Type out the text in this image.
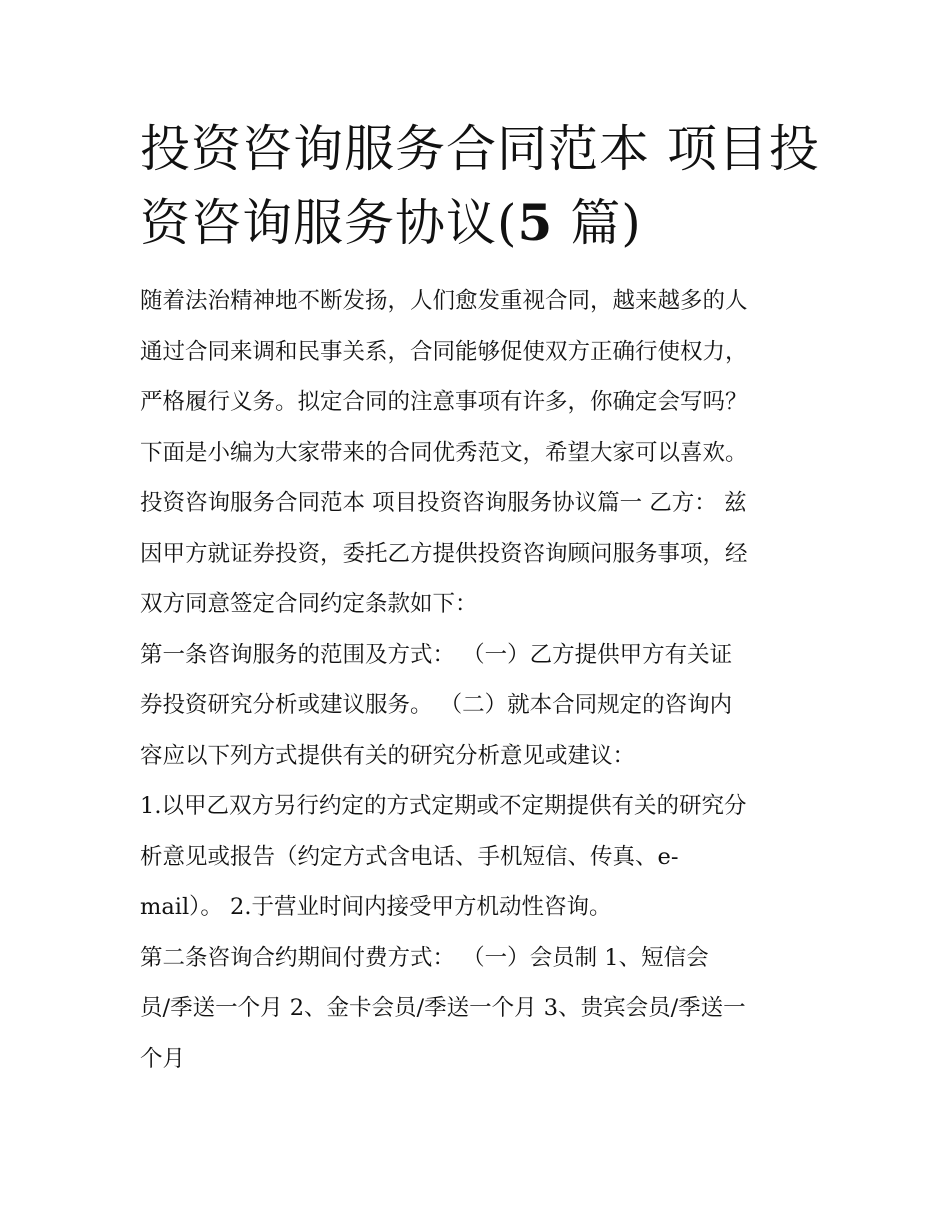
投资咨询服务合同范本 项目投
资咨询服务协议(5 篇)

随着法治精神地不断发扬，人们愈发重视合同，越来越多的人
通过合同来调和民事关系，合同能够促使双方正确行使权力，
严格履行义务。拟定合同的注意事项有许多，你确定会写吗？
下面是小编为大家带来的合同优秀范文，希望大家可以喜欢。
投资咨询服务合同范本 项目投资咨询服务协议篇一 乙方： 兹
因甲方就证券投资，委托乙方提供投资咨询顾问服务事项，经
双方同意签定合同约定条款如下：

第一条咨询服务的范围及方式： （一）乙方提供甲方有关证
券投资研究分析或建议服务。 （二）就本合同规定的咨询内
容应以下列方式提供有关的研究分析意见或建议：

1.以甲乙双方另行约定的方式定期或不定期提供有关的研究分
析意见或报告（约定方式含电话、手机短信、传真、e-
mail）。 2.于营业时间内接受甲方机动性咨询。

第二条咨询合约期间付费方式： （一）会员制 1、短信会
员/季送一个月 2、金卡会员/季送一个月 3、贵宾会员/季送一
个月
